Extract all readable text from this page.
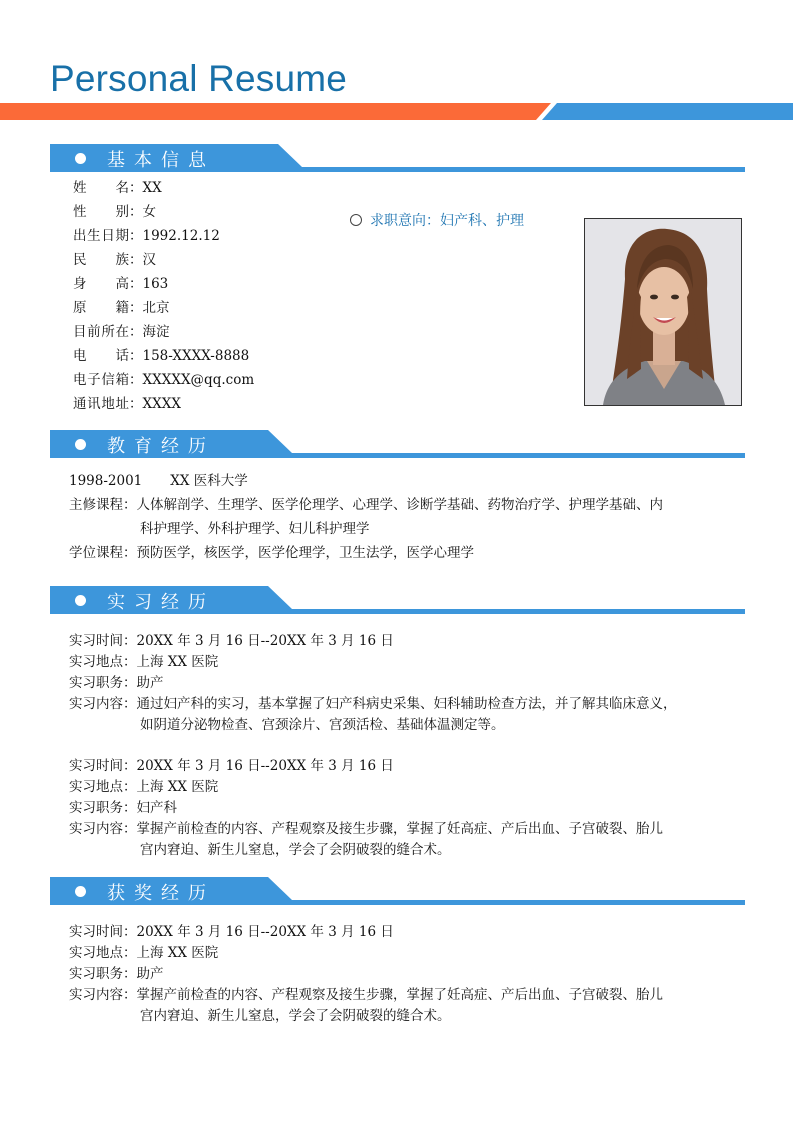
Personal Resume
基本信息
姓名：XX
性别：女
出生日期：1992.12.12
民族：汉
身高：163
原籍：北京
目前所在：海淀
电话：158-XXXX-8888
电子信箱：XXXXX@qq.com
通讯地址：XXXX
求职意向：妇产科、护理
教育经历
1998-2001 XX 医科大学
主修课程：人体解剖学、生理学、医学伦理学、心理学、诊断学基础、药物治疗学、护理学基础、内
科护理学、外科护理学、妇儿科护理学
学位课程：预防医学，核医学，医学伦理学，卫生法学，医学心理学
实习经历
实习时间：20XX 年 3 月 16 日--20XX 年 3 月 16 日
实习地点：上海 XX 医院
实习职务：助产
实习内容：通过妇产科的实习，基本掌握了妇产科病史采集、妇科辅助检查方法，并了解其临床意义，
如阴道分泌物检查、宫颈涂片、宫颈活检、基础体温测定等。
实习时间：20XX 年 3 月 16 日--20XX 年 3 月 16 日
实习地点：上海 XX 医院
实习职务：妇产科
实习内容：掌握产前检查的内容、产程观察及接生步骤，掌握了妊高症、产后出血、子宫破裂、胎儿
宫内窘迫、新生儿窒息，学会了会阴破裂的缝合术。
获奖经历
实习时间：20XX 年 3 月 16 日--20XX 年 3 月 16 日
实习地点：上海 XX 医院
实习职务：助产
实习内容：掌握产前检查的内容、产程观察及接生步骤，掌握了妊高症、产后出血、子宫破裂、胎儿
宫内窘迫、新生儿窒息，学会了会阴破裂的缝合术。
